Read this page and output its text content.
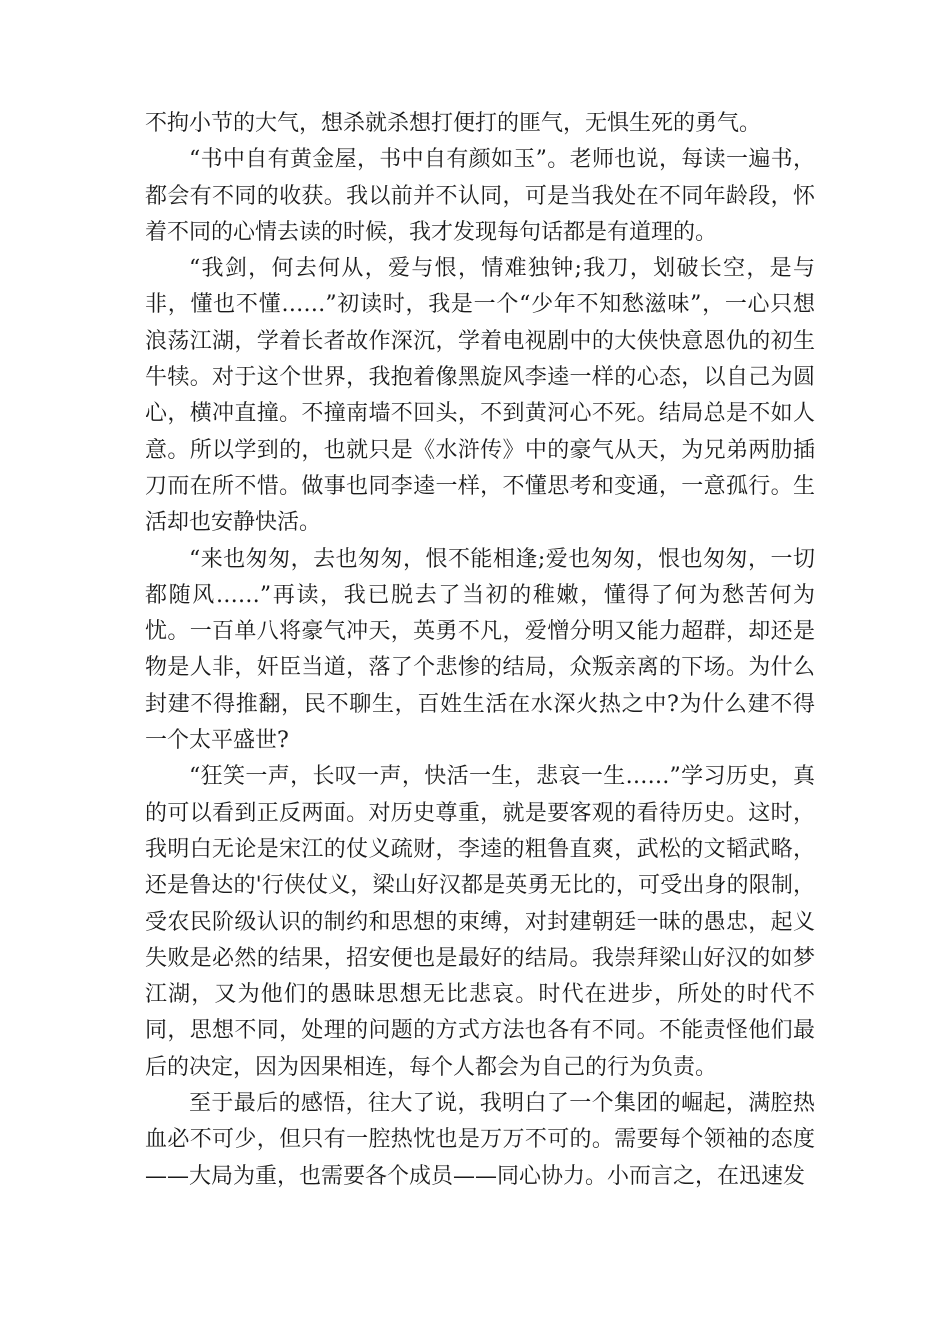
不拘小节的大气，想杀就杀想打便打的匪气，无惧生死的勇气。

“书中自有黄金屋，书中自有颜如玉”。老师也说，每读一遍书，都会有不同的收获。我以前并不认同，可是当我处在不同年龄段，怀着不同的心情去读的时候，我才发现每句话都是有道理的。

“我剑，何去何从，爱与恨，情难独钟;我刀，划破长空，是与非，懂也不懂……”初读时，我是一个“少年不知愁滋味”，一心只想浪荡江湖，学着长者故作深沉，学着电视剧中的大侠快意恩仇的初生牛犊。对于这个世界，我抱着像黑旋风李逵一样的心态，以自己为圆心，横冲直撞。不撞南墙不回头，不到黄河心不死。结局总是不如人意。所以学到的，也就只是《水浒传》中的豪气从天，为兄弟两肋插刀而在所不惜。做事也同李逵一样，不懂思考和变通，一意孤行。生活却也安静快活。

“来也匆匆，去也匆匆，恨不能相逢;爱也匆匆，恨也匆匆，一切都随风……”再读，我已脱去了当初的稚嫩，懂得了何为愁苦何为忧。一百单八将豪气冲天，英勇不凡，爱憎分明又能力超群，却还是物是人非，奸臣当道，落了个悲惨的结局，众叛亲离的下场。为什么封建不得推翻，民不聊生，百姓生活在水深火热之中?为什么建不得一个太平盛世?

“狂笑一声，长叹一声，快活一生，悲哀一生……”学习历史，真的可以看到正反两面。对历史尊重，就是要客观的看待历史。这时，我明白无论是宋江的仗义疏财，李逵的粗鲁直爽，武松的文韬武略，还是鲁达的'行侠仗义，梁山好汉都是英勇无比的，可受出身的限制，受农民阶级认识的制约和思想的束缚，对封建朝廷一昧的愚忠，起义失败是必然的结果，招安便也是最好的结局。我崇拜梁山好汉的如梦江湖，又为他们的愚昧思想无比悲哀。时代在进步，所处的时代不同，思想不同，处理的问题的方式方法也各有不同。不能责怪他们最后的决定，因为因果相连，每个人都会为自己的行为负责。

至于最后的感悟，往大了说，我明白了一个集团的崛起，满腔热血必不可少，但只有一腔热忱也是万万不可的。需要每个领袖的态度——大局为重，也需要各个成员——同心协力。小而言之，在迅速发
